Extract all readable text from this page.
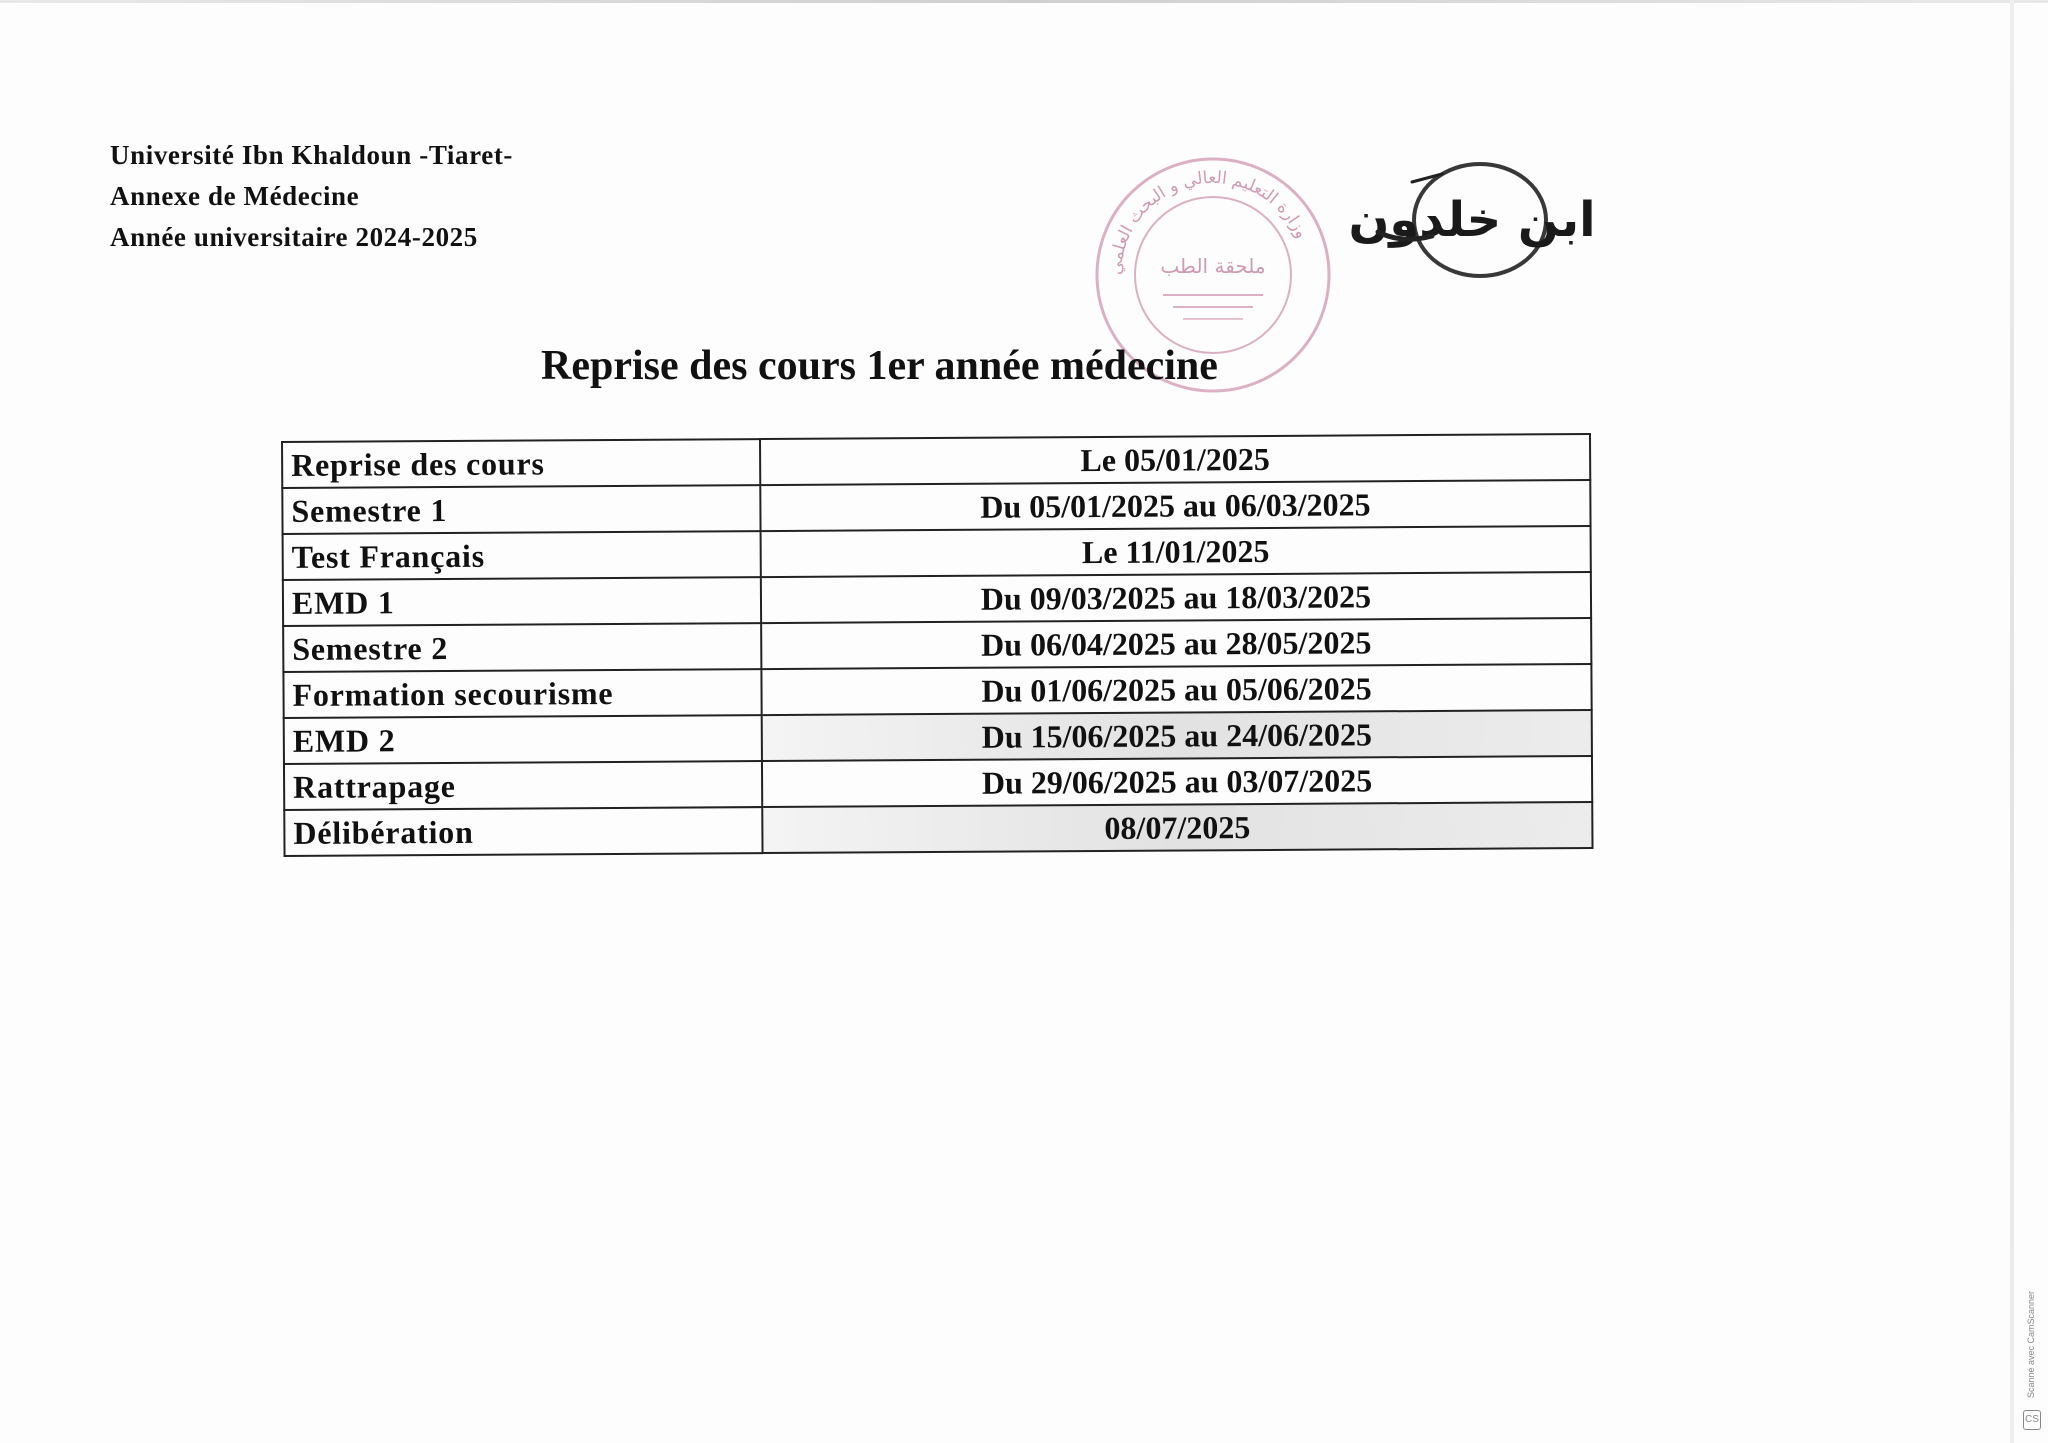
Université Ibn Khaldoun -Tiaret-
Annexe de Médecine
Année universitaire 2024-2025
وزارة التعليم العالي و البحث العلمي
ملحقة الطب
ابن خلدون
Reprise des cours 1er année médecine
Reprise des cours	Le 05/01/2025
Semestre 1	Du 05/01/2025 au 06/03/2025
Test Français	Le 11/01/2025
EMD 1	Du 09/03/2025 au 18/03/2025
Semestre 2	Du 06/04/2025 au 28/05/2025
Formation secourisme	Du 01/06/2025 au 05/06/2025
EMD 2	Du 15/06/2025 au 24/06/2025
Rattrapage	Du 29/06/2025 au 03/07/2025
Délibération	08/07/2025
Scanné avec CamScanner
CS
